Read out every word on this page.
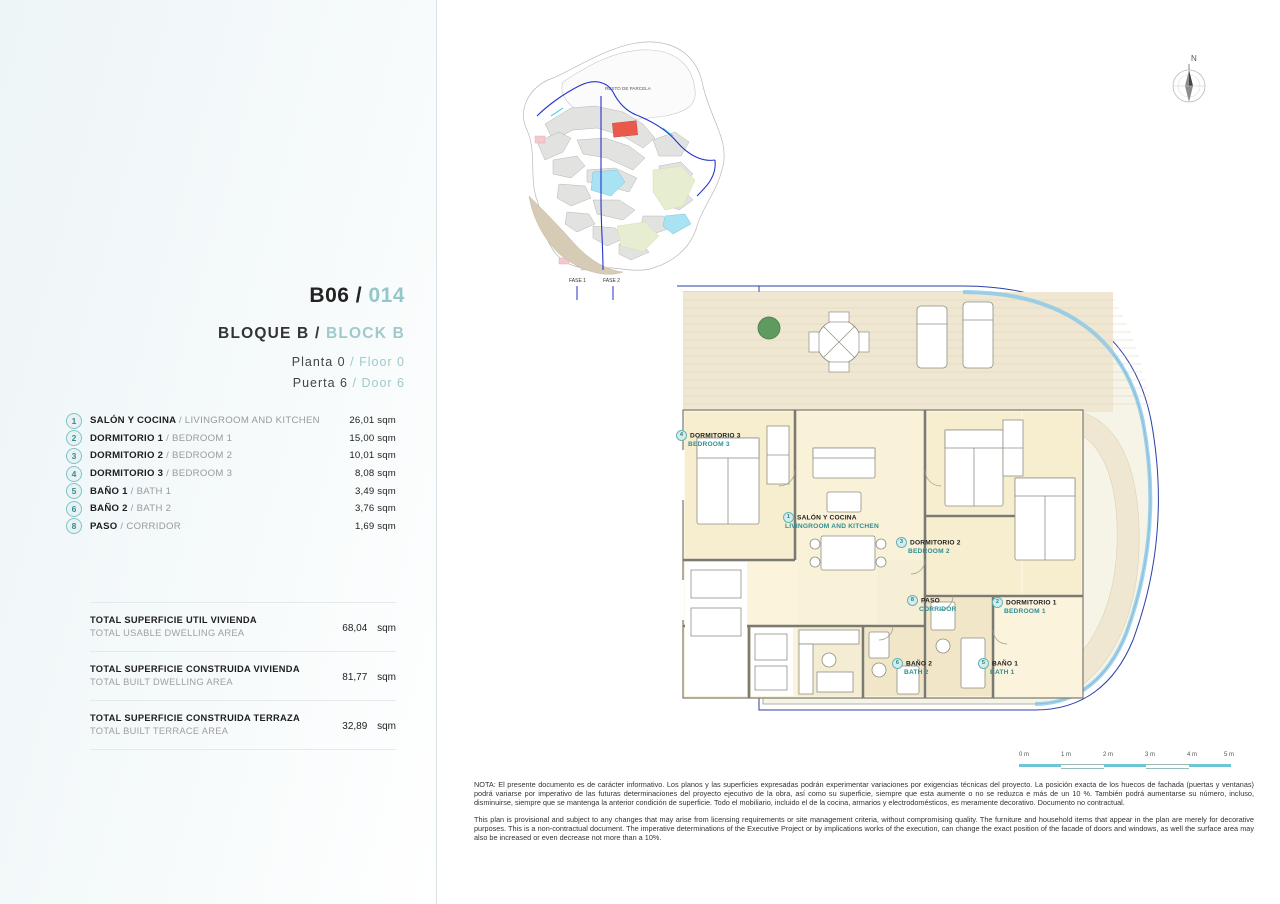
B06 / 014
BLOQUE B / BLOCK B
Planta 0 / Floor 0
Puerta 6 / Door 6
1	SALÓN Y COCINA / LIVINGROOM AND KITCHEN	26,01 sqm
2	DORMITORIO 1 / BEDROOM 1	15,00 sqm
3	DORMITORIO 2 / BEDROOM 2	10,01 sqm
4	DORMITORIO 3 / BEDROOM 3	8,08 sqm
5	BAÑO 1 / BATH 1	3,49 sqm
6	BAÑO 2 / BATH 2	3,76 sqm
8	PASO / CORRIDOR	1,69 sqm
TOTAL SUPERFICIE UTIL VIVIENDA
TOTAL USABLE DWELLING AREA	68,04 sqm
TOTAL SUPERFICIE CONSTRUIDA VIVIENDA
TOTAL BUILT DWELLING AREA	81,77 sqm
TOTAL SUPERFICIE CONSTRUIDA TERRAZA
TOTAL BUILT TERRACE AREA	32,89 sqm
RESTO DE PARCELA
FASE 1	FASE 2
N
4 DORMITORIO 3
BEDROOM 3
1 SALÓN Y COCINA
LIVINGROOM AND KITCHEN
3 DORMITORIO 2
BEDROOM 2
8 PASO
CORRIDOR
2 DORMITORIO 1
BEDROOM 1
6 BAÑO 2
BATH 2
5 BAÑO 1
BATH 1
0 m	1 m	2 m	3 m	4 m	5 m

NOTA: El presente documento es de carácter informativo. Los planos y las superficies expresadas podrán experimentar variaciones por exigencias técnicas del proyecto. La posición exacta de los huecos de fachada (puertas y ventanas) podrá variarse por imperativo de las futuras determinaciones del proyecto ejecutivo de la obra, así como su superficie, siempre que esta aumente o no se reduzca e más de un 10 %. También podrá aumentarse su número, incluso, disminuirse, siempre que se mantenga la anterior condición de superficie. Todo el mobiliario, incluido el de la cocina, armarios y electrodomésticos, es meramente decorativo. Documento no contractual.

This plan is provisional and subject to any changes that may arise from licensing requirements or site management criteria, without compromising quality. The furniture and household items that appear in the plan are merely for decorative purposes. This is a non-contractual document. The imperative determinations of the Executive Project or by implications works of the execution, can change the exact position of the facade of doors and windows, as well the surface area may also be increased or even decrease not more than a 10%.
